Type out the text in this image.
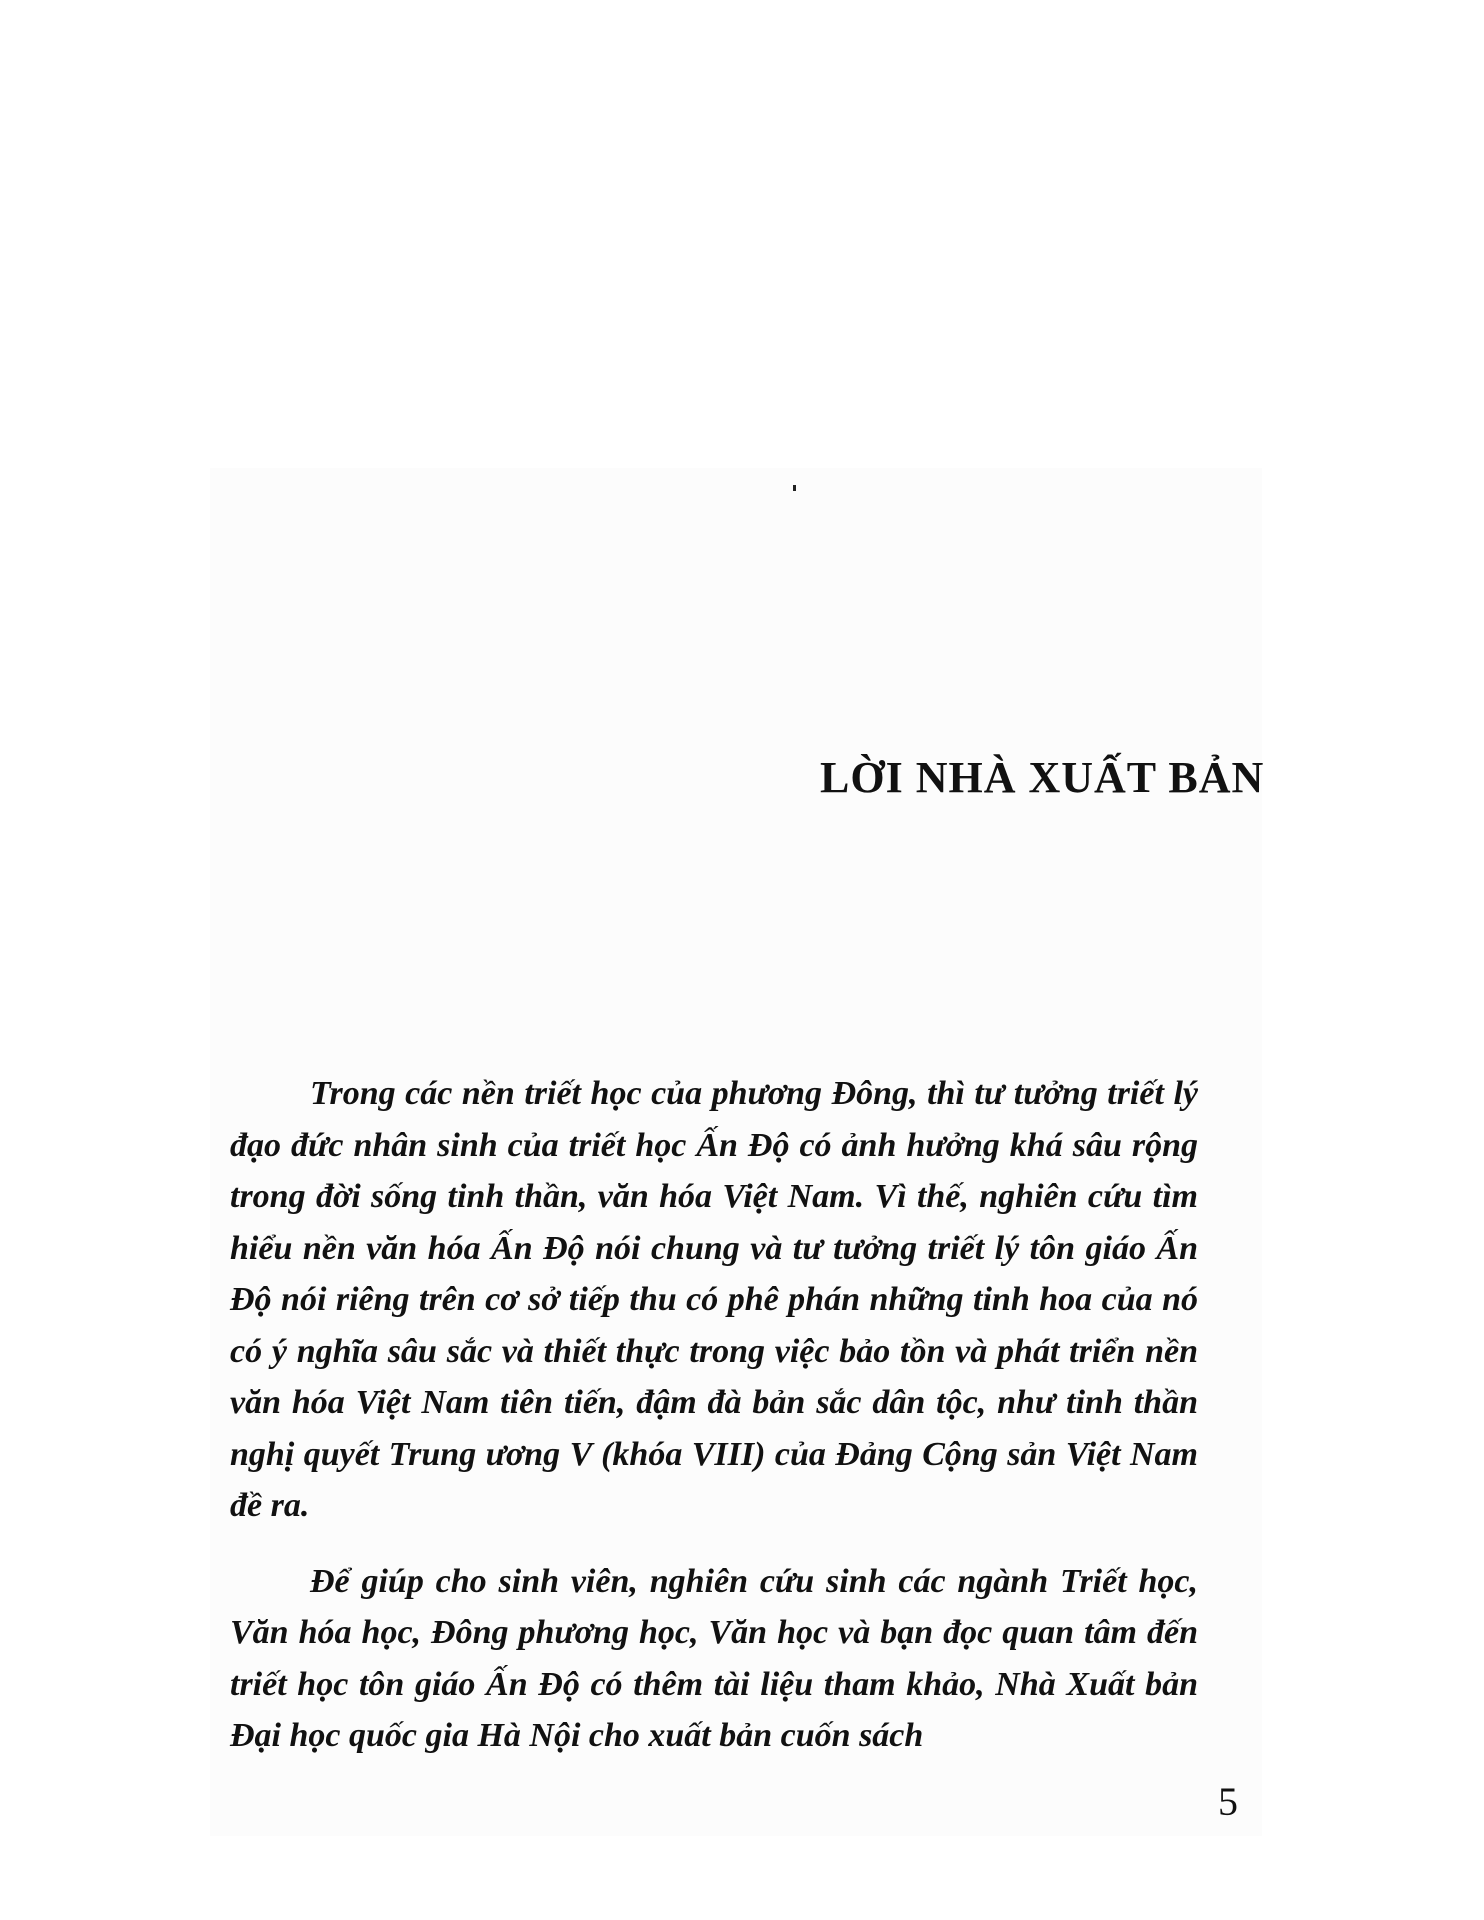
LỜI NHÀ XUẤT BẢN

Trong các nền triết học của phương Đông, thì tư tưởng triết lý đạo đức nhân sinh của triết học Ấn Độ có ảnh hưởng khá sâu rộng trong đời sống tinh thần, văn hóa Việt Nam. Vì thế, nghiên cứu tìm hiểu nền văn hóa Ấn Độ nói chung và tư tưởng triết lý tôn giáo Ấn Độ nói riêng trên cơ sở tiếp thu có phê phán những tinh hoa của nó có ý nghĩa sâu sắc và thiết thực trong việc bảo tồn và phát triển nền văn hóa Việt Nam tiên tiến, đậm đà bản sắc dân tộc, như tinh thần nghị quyết Trung ương V (khóa VIII) của Đảng Cộng sản Việt Nam đề ra.

Để giúp cho sinh viên, nghiên cứu sinh các ngành Triết học, Văn hóa học, Đông phương học, Văn học và bạn đọc quan tâm đến triết học tôn giáo Ấn Độ có thêm tài liệu tham khảo, Nhà Xuất bản Đại học quốc gia Hà Nội cho xuất bản cuốn sách

5
